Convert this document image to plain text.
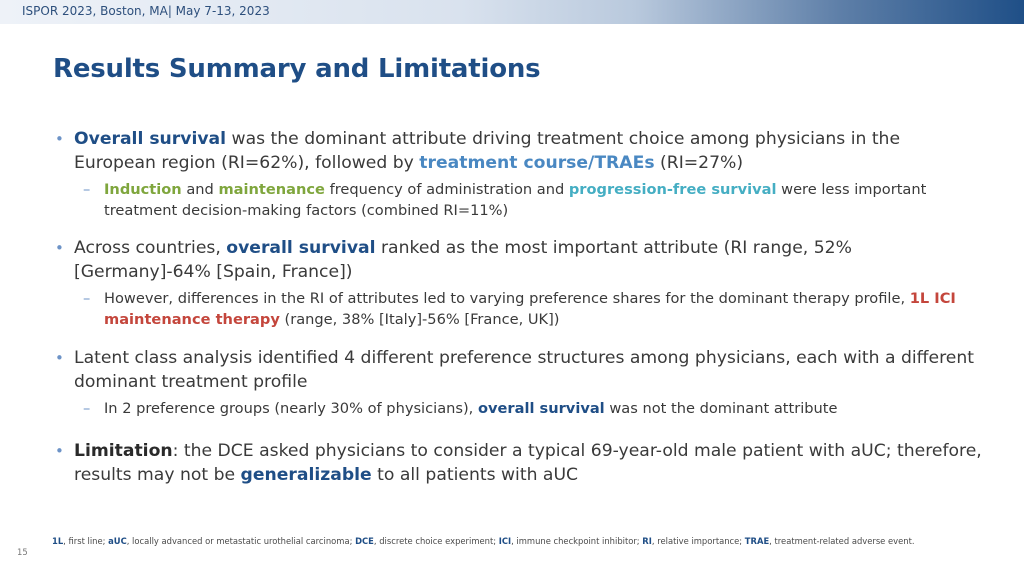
ISPOR 2023, Boston, MA| May 7-13, 2023
Results Summary and Limitations
• Overall survival was the dominant attribute driving treatment choice among physicians in the European region (RI=62%), followed by treatment course/TRAEs (RI=27%)
– Induction and maintenance frequency of administration and progression-free survival were less important treatment decision-making factors (combined RI=11%)
• Across countries, overall survival ranked as the most important attribute (RI range, 52% [Germany]-64% [Spain, France])
– However, differences in the RI of attributes led to varying preference shares for the dominant therapy profile, 1L ICI maintenance therapy (range, 38% [Italy]-56% [France, UK])
• Latent class analysis identified 4 different preference structures among physicians, each with a different dominant treatment profile
– In 2 preference groups (nearly 30% of physicians), overall survival was not the dominant attribute
• Limitation: the DCE asked physicians to consider a typical 69-year-old male patient with aUC; therefore, results may not be generalizable to all patients with aUC
1L, first line; aUC, locally advanced or metastatic urothelial carcinoma; DCE, discrete choice experiment; ICI, immune checkpoint inhibitor; RI, relative importance; TRAE, treatment-related adverse event.
15
